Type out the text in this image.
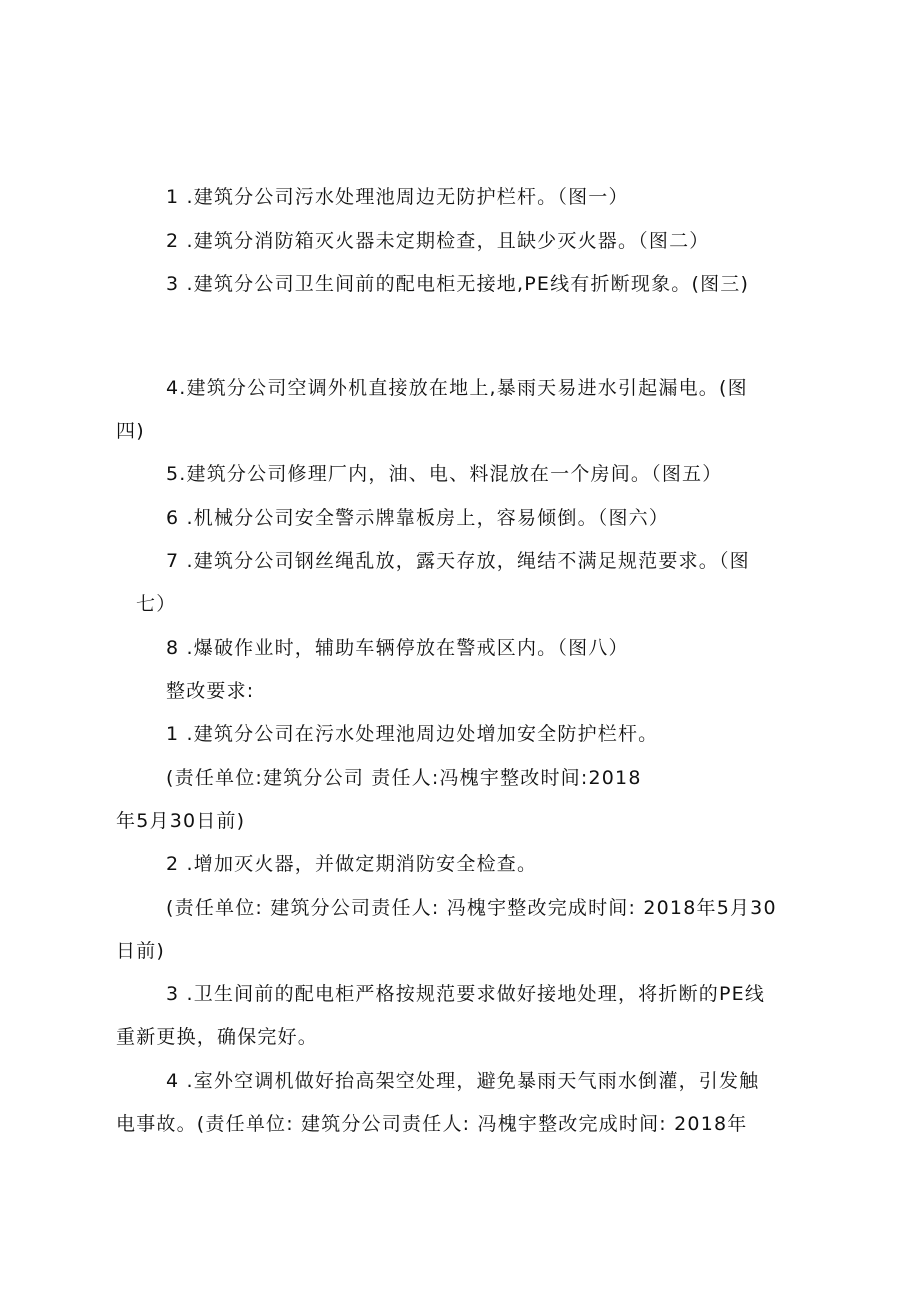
1 .建筑分公司污水处理池周边无防护栏杆。（图一）
2 .建筑分消防箱灭火器未定期检查，且缺少灭火器。（图二）
3 .建筑分公司卫生间前的配电柜无接地,PE线有折断现象。(图三)
4.建筑分公司空调外机直接放在地上,暴雨天易进水引起漏电。(图
四)
5.建筑分公司修理厂内，油、电、料混放在一个房间。（图五）
6 .机械分公司安全警示牌靠板房上，容易倾倒。（图六）
7 .建筑分公司钢丝绳乱放，露天存放，绳结不满足规范要求。（图
七）
8 .爆破作业时，辅助车辆停放在警戒区内。（图八）
整改要求:
1 .建筑分公司在污水处理池周边处增加安全防护栏杆。
(责任单位:建筑分公司 责任人:冯槐宇整改时间:2018
年5月30日前)
2 .增加灭火器，并做定期消防安全检查。
(责任单位: 建筑分公司责任人: 冯槐宇整改完成时间: 2018年5月30
日前)
3 .卫生间前的配电柜严格按规范要求做好接地处理，将折断的PE线
重新更换，确保完好。
4 .室外空调机做好抬高架空处理，避免暴雨天气雨水倒灌，引发触
电事故。(责任单位: 建筑分公司责任人: 冯槐宇整改完成时间: 2018年
